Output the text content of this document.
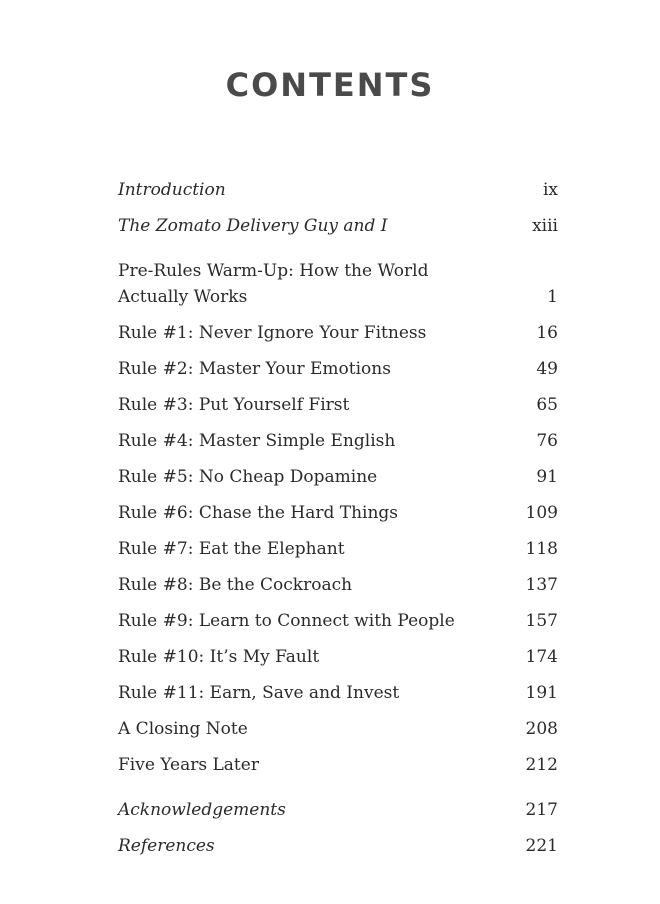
CONTENTS
Introduction	ix
The Zomato Delivery Guy and I	xiii
Pre-Rules Warm-Up: How the World
Actually Works	1
Rule #1: Never Ignore Your Fitness	16
Rule #2: Master Your Emotions	49
Rule #3: Put Yourself First	65
Rule #4: Master Simple English	76
Rule #5: No Cheap Dopamine	91
Rule #6: Chase the Hard Things	109
Rule #7: Eat the Elephant	118
Rule #8: Be the Cockroach	137
Rule #9: Learn to Connect with People	157
Rule #10: It’s My Fault	174
Rule #11: Earn, Save and Invest	191
A Closing Note	208
Five Years Later	212
Acknowledgements	217
References	221
